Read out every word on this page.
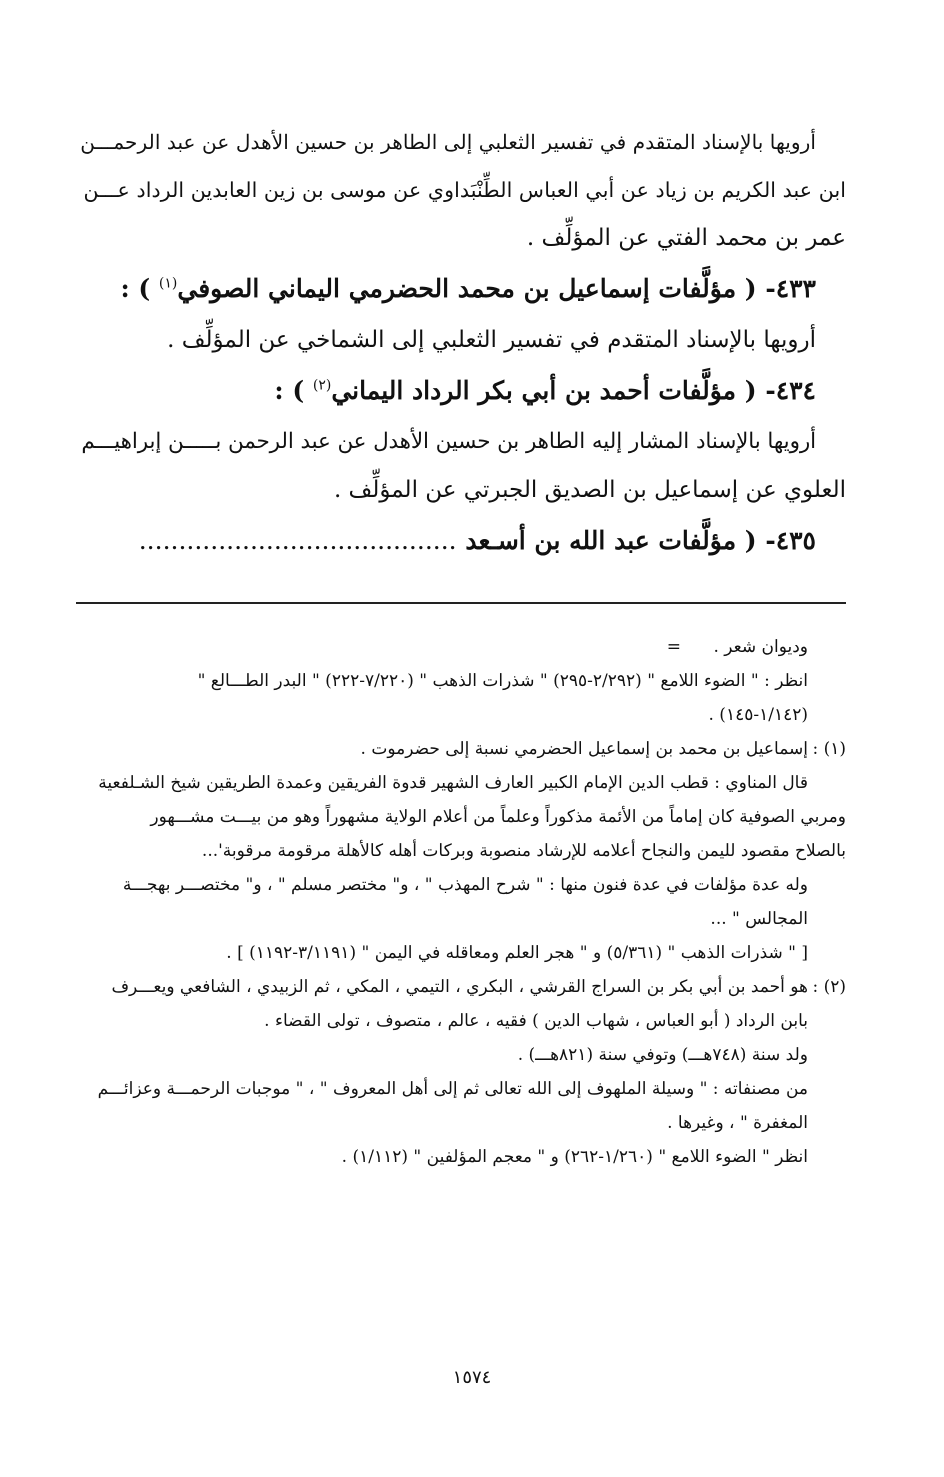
أرويها بالإسناد المتقدم في تفسير الثعلبي إلى الطاهر بن حسين الأهدل عن عبد الرحمـــن

ابن عبد الكريم بن زياد عن أبي العباس الطِّنْبَداوي عن موسى بن زين العابدين الرداد عـــن

عمر بن محمد الفتي عن المؤلِّف .

٤٣٣- ( مؤلَّفات إسماعيل بن محمد الحضرمي اليماني الصوفي$^{(١)}$ ) :

أرويها بالإسناد المتقدم في تفسير الثعلبي إلى الشماخي عن المؤلِّف .

٤٣٤- ( مؤلَّفات أحمد بن أبي بكر الرداد اليماني$^{(٢)}$ ) :

أرويها بالإسناد المشار إليه الطاهر بن حسين الأهدل عن عبد الرحمن بـــــن إبراهيـــم

العلوي عن إسماعيل بن الصديق الجبرتي عن المؤلِّف .

٤٣٥- ( مؤلَّفات عبد الله بن أسـعد ........................................

وديوان شعر .      =

انظر : " الضوء اللامع " (٢/٢٩٢-٢٩٥) " شذرات الذهب " (٧/٢٢٠-٢٢٢) " البدر الطـــالع "

(١/١٤٢-١٤٥) .

(١) :إسماعيل بن محمد بن إسماعيل الحضرمي نسبة إلى حضرموت .

قال المناوي : قطب الدين الإمام الكبير العارف الشهير قدوة الفريقين وعمدة الطريقين شيخ الشـلفعية

ومربي الصوفية كان إماماً من الأئمة مذكوراً وعلماً من أعلام الولاية مشهوراً وهو من بيـــت مشـــهور

بالصلاح مقصود لليمن والنجاح أعلامه للإرشاد منصوبة وبركات أهله كالأهلة مرقومة مرقوبة'...

وله عدة مؤلفات في عدة فنون منها : " شرح المهذب " ، و" مختصر مسلم " ، و" مختصـــر بهجـــة

المجالس " ...

[ " شذرات الذهب " (٥/٣٦١) و " هجر العلم ومعاقله في اليمن " (٣/١١٩١-١١٩٢) ] .

(٢) :هو أحمد بن أبي بكر بن السراج القرشي ، البكري ، التيمي ، المكي ، ثم الزبيدي ، الشافعي ويعـــرف

بابن الرداد ( أبو العباس ، شهاب الدين ) فقيه ، عالم ، متصوف ، تولى القضاء .

ولد سنة (٧٤٨هـــ) وتوفي سنة (٨٢١هـــ) .

من مصنفاته : " وسيلة الملهوف إلى الله تعالى ثم إلى أهل المعروف " ، " موجبات الرحمـــة وعزائـــم

المغفرة " ، وغيرها .

انظر " الضوء اللامع " (١/٢٦٠-٢٦٢) و " معجم المؤلفين " (١/١١٢) .

١٥٧٤
